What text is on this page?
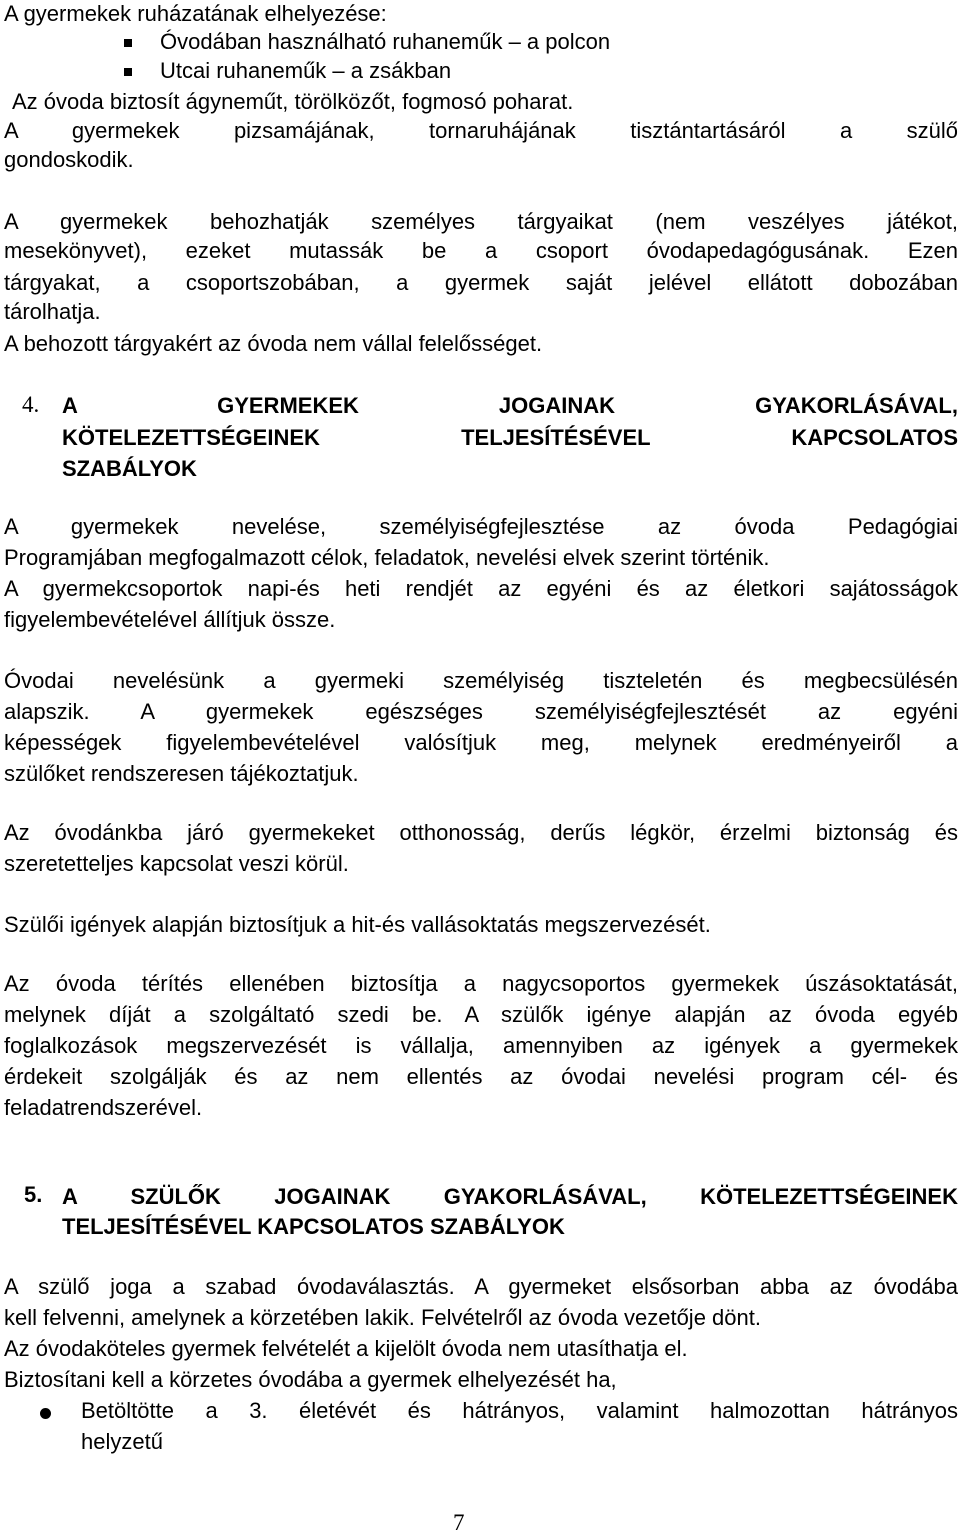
A gyermekek ruházatának elhelyezése:
Óvodában használható ruhaneműk – a polcon
Utcai ruhaneműk – a zsákban
Az óvoda biztosít ágyneműt, törölközőt, fogmosó poharat.
A gyermekek pizsamájának, tornaruhájának tisztántartásáról a szülő
gondoskodik.
A gyermekek behozhatják személyes tárgyaikat (nem veszélyes játékot,
mesekönyvet), ezeket mutassák be a csoport óvodapedagógusának. Ezen
tárgyakat, a csoportszobában, a gyermek saját jelével ellátott dobozában
tárolhatja.
A behozott tárgyakért az óvoda nem vállal felelősséget.
4. A GYERMEKEK JOGAINAK GYAKORLÁSÁVAL,
KÖTELEZETTSÉGEINEK TELJESÍTÉSÉVEL KAPCSOLATOS
SZABÁLYOK
A gyermekek nevelése, személyiségfejlesztése az óvoda Pedagógiai
Programjában megfogalmazott célok, feladatok, nevelési elvek szerint történik.
A gyermekcsoportok napi-és heti rendjét az egyéni és az életkori sajátosságok
figyelembevételével állítjuk össze.
Óvodai nevelésünk a gyermeki személyiség tiszteletén és megbecsülésén
alapszik. A gyermekek egészséges személyiségfejlesztését az egyéni
képességek figyelembevételével valósítjuk meg, melynek eredményeiről a
szülőket rendszeresen tájékoztatjuk.
Az óvodánkba járó gyermekeket otthonosság, derűs légkör, érzelmi biztonság és
szeretetteljes kapcsolat veszi körül.
Szülői igények alapján biztosítjuk a hit-és vallásoktatás megszervezését.
Az óvoda térítés ellenében biztosítja a nagycsoportos gyermekek úszásoktatását,
melynek díját a szolgáltató szedi be. A szülők igénye alapján az óvoda egyéb
foglalkozások megszervezését is vállalja, amennyiben az igények a gyermekek
érdekeit szolgálják és az nem ellentés az óvodai nevelési program cél- és
feladatrendszerével.
5. A SZÜLŐK JOGAINAK GYAKORLÁSÁVAL, KÖTELEZETTSÉGEINEK
TELJESÍTÉSÉVEL KAPCSOLATOS SZABÁLYOK
A szülő joga a szabad óvodaválasztás. A gyermeket elsősorban abba az óvodába
kell felvenni, amelynek a körzetében lakik. Felvételről az óvoda vezetője dönt.
Az óvodaköteles gyermek felvételét a kijelölt óvoda nem utasíthatja el.
Biztosítani kell a körzetes óvodába a gyermek elhelyezését ha,
Betöltötte a 3. életévét és hátrányos, valamint halmozottan hátrányos
helyzetű
7
